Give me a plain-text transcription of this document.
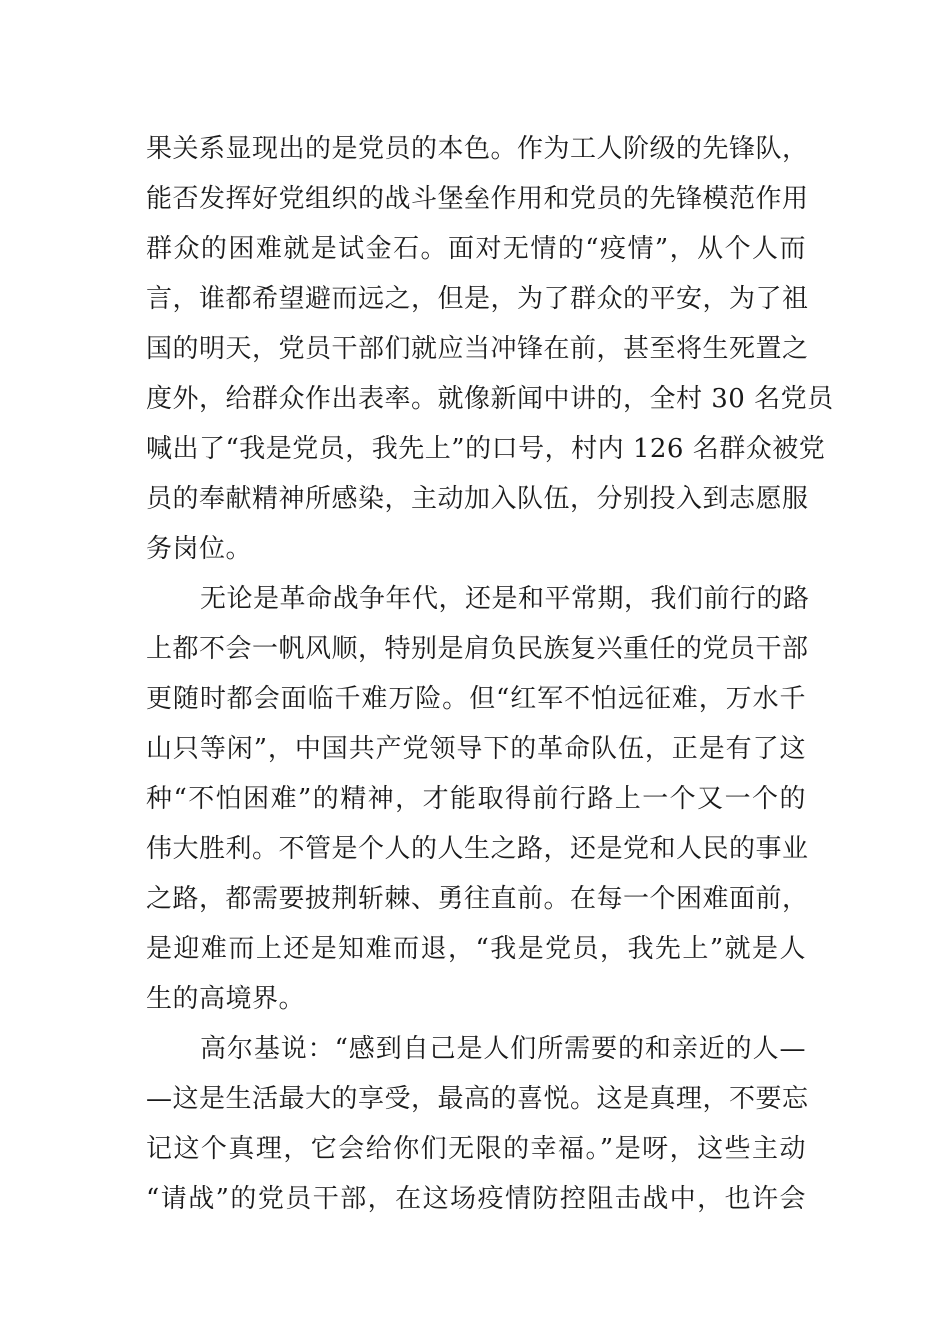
果关系显现出的是党员的本色。作为工人阶级的先锋队，
能否发挥好党组织的战斗堡垒作用和党员的先锋模范作用
群众的困难就是试金石。面对无情的“疫情”，从个人而
言，谁都希望避而远之，但是，为了群众的平安，为了祖
国的明天，党员干部们就应当冲锋在前，甚至将生死置之
度外，给群众作出表率。就像新闻中讲的，全村 30 名党员
喊出了“我是党员，我先上”的口号，村内 126 名群众被党
员的奉献精神所感染，主动加入队伍，分别投入到志愿服
务岗位。
无论是革命战争年代，还是和平常期，我们前行的路
上都不会一帆风顺，特别是肩负民族复兴重任的党员干部
更随时都会面临千难万险。但“红军不怕远征难，万水千
山只等闲”，中国共产党领导下的革命队伍，正是有了这
种“不怕困难”的精神，才能取得前行路上一个又一个的
伟大胜利。不管是个人的人生之路，还是党和人民的事业
之路，都需要披荆斩棘、勇往直前。在每一个困难面前，
是迎难而上还是知难而退，“我是党员，我先上”就是人
生的高境界。
高尔基说：“感到自己是人们所需要的和亲近的人—
—这是生活最大的享受，最高的喜悦。这是真理，不要忘
记这个真理，它会给你们无限的幸福。”是呀，这些主动
“请战”的党员干部，在这场疫情防控阻击战中，也许会
